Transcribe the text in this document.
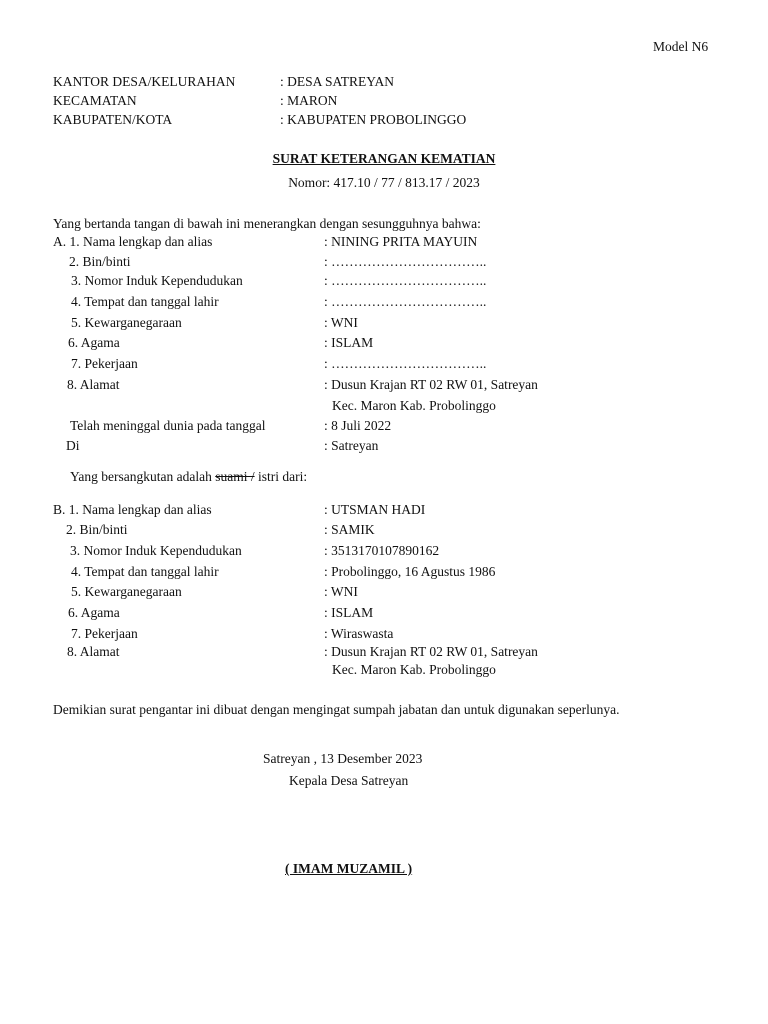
Model N6
KANTOR DESA/KELURAHAN	: DESA SATREYAN
KECAMATAN	: MARON
KABUPATEN/KOTA	: KABUPATEN PROBOLINGGO
SURAT KETERANGAN KEMATIAN
Nomor: 417.10 / 77 / 813.17 / 2023
Yang bertanda tangan di bawah ini menerangkan dengan sesungguhnya bahwa:
A. 1. Nama lengkap dan alias	: NINING PRITA MAYUIN
2. Bin/binti	: ……………………………..
3. Nomor Induk Kependudukan	: ……………………………..
4. Tempat dan tanggal lahir	: ……………………………..
5. Kewarganegaraan	: WNI
6. Agama	: ISLAM
7. Pekerjaan	: ……………………………..
8. Alamat	: Dusun Krajan RT 02 RW 01, Satreyan
Kec. Maron Kab. Probolinggo
Telah meninggal dunia pada tanggal	: 8 Juli 2022
Di	: Satreyan
Yang bersangkutan adalah suami / istri dari:
B. 1. Nama lengkap dan alias	: UTSMAN HADI
2. Bin/binti	: SAMIK
3. Nomor Induk Kependudukan	: 3513170107890162
4. Tempat dan tanggal lahir	: Probolinggo, 16 Agustus 1986
5. Kewarganegaraan	: WNI
6. Agama	: ISLAM
7. Pekerjaan	: Wiraswasta
8. Alamat	: Dusun Krajan RT 02 RW 01, Satreyan
Kec. Maron Kab. Probolinggo
Demikian surat pengantar ini dibuat dengan mengingat sumpah jabatan dan untuk digunakan seperlunya.
Satreyan , 13 Desember 2023
Kepala Desa Satreyan
( IMAM MUZAMIL )
